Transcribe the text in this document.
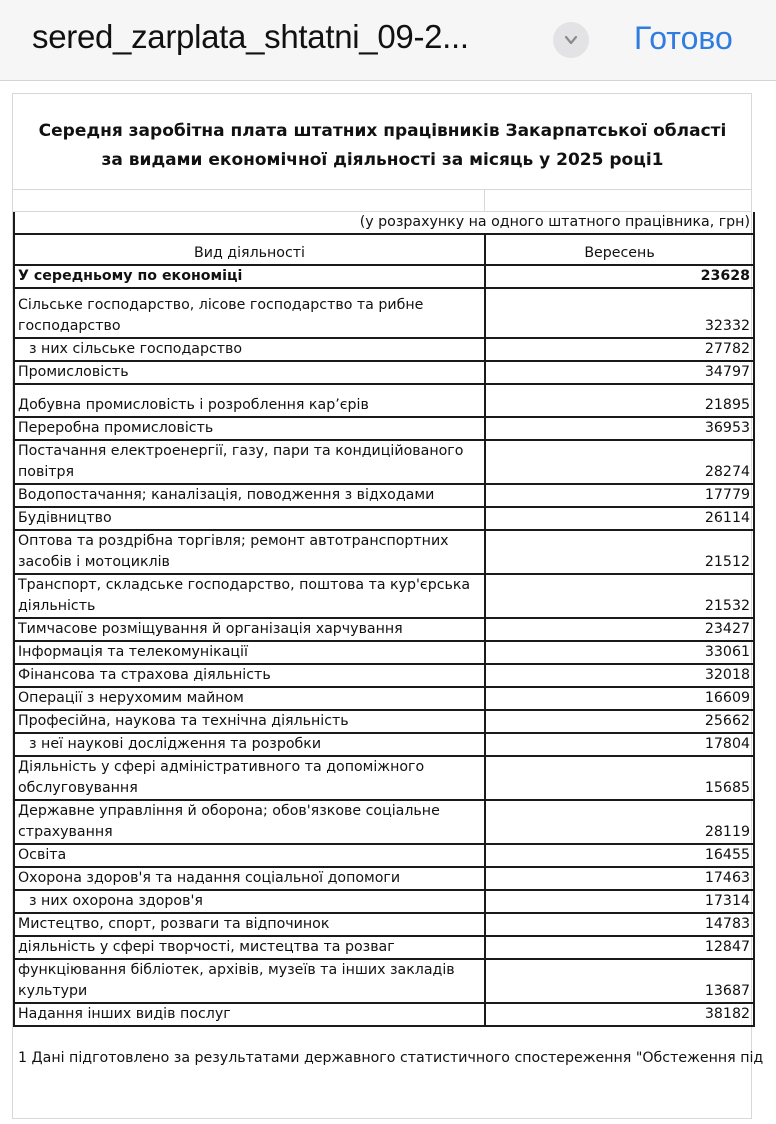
sered_zarplata_shtatni_09-2...	Готово
Середня заробітна плата штатних працівників Закарпатської області
за видами економічної діяльності за місяць у 2025 році1
(у розрахунку на одного штатного працівника, грн)	
Вид діяльності	Вересень
У середньому по економіці	23628
Сільське господарство, лісове господарство та рибне господарство	32332
з них сільське господарство	27782
Промисловість	34797
Добувна промисловість і розроблення кар’єрів	21895
Переробна промисловість	36953
Постачання електроенергії, газу, пари та кондиційованого повітря	28274
Водопостачання; каналізація, поводження з відходами	17779
Будівництво	26114
Оптова та роздрібна торгівля; ремонт автотранспортних засобів і мотоциклів	21512
Транспорт, складське господарство, поштова та кур'єрська діяльність	21532
Тимчасове розміщування й організація харчування	23427
Інформація та телекомунікації	33061
Фінансова та страхова діяльність	32018
Операції з нерухомим майном	16609
Професійна, наукова та технічна діяльність	25662
з неї наукові дослідження та розробки	17804
Діяльність у сфері адміністративного та допоміжного обслуговування	15685
Державне управління й оборона; обов'язкове соціальне страхування	28119
Освіта	16455
Охорона здоров'я та надання соціальної допомоги	17463
з них охорона здоров'я	17314
Мистецтво, спорт, розваги та відпочинок	14783
діяльність у сфері творчості, мистецтва та розваг	12847
функціювання бібліотек, архівів, музеїв та інших закладів культури	13687
Надання інших видів послуг	38182
1 Дані підготовлено за результатами державного статистичного спостереження "Обстеження під
